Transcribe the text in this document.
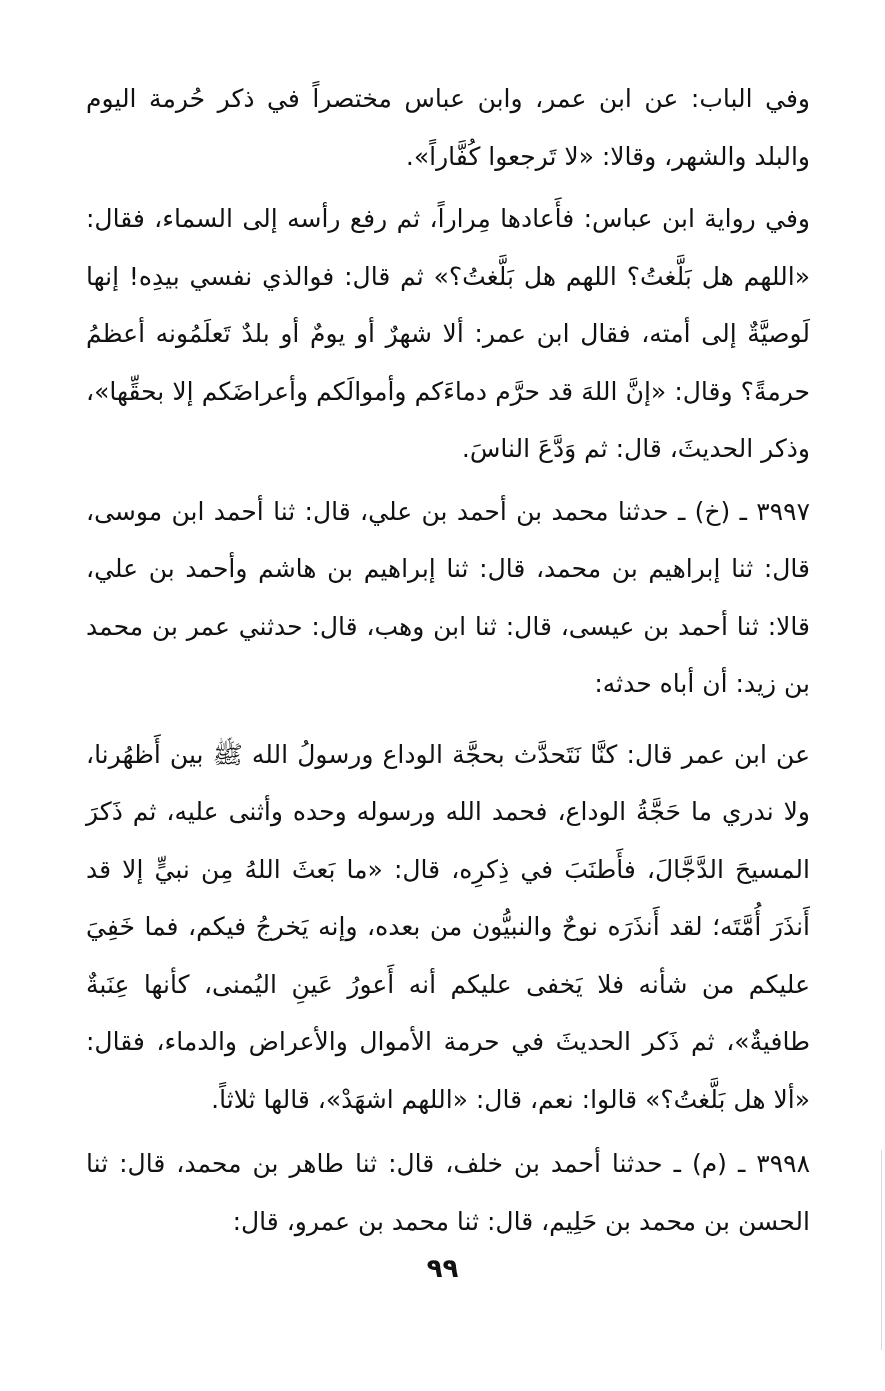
وفي الباب: عن ابن عمر، وابن عباس مختصراً في ذكر حُرمة اليوم والبلد والشهر، وقالا: «لا تَرجعوا كُفَّاراً».

وفي رواية ابن عباس: فأَعادها مِراراً، ثم رفع رأسه إلى السماء، فقال: «اللهم هل بَلَّغتُ؟ اللهم هل بَلَّغتُ؟» ثم قال: فوالذي نفسي بيدِه! إنها لَوصيَّةٌ إلى أمته، فقال ابن عمر: ألا شهرٌ أو يومٌ أو بلدٌ تَعلَمُونه أعظمُ حرمةً؟ وقال: «إنَّ اللهَ قد حرَّم دماءَكم وأموالَكم وأعراضَكم إلا بحقِّها»، وذكر الحديثَ، قال: ثم وَدَّعَ الناسَ.

٣٩٩٧ ـ (خ) ـ حدثنا محمد بن أحمد بن علي، قال: ثنا أحمد ابن موسى، قال: ثنا إبراهيم بن محمد، قال: ثنا إبراهيم بن هاشم وأحمد بن علي، قالا: ثنا أحمد بن عيسى، قال: ثنا ابن وهب، قال: حدثني عمر بن محمد بن زيد: أن أباه حدثه:

عن ابن عمر قال: كنَّا نَتَحدَّث بحجَّة الوداع ورسولُ الله ﷺ بين أَظهُرنا، ولا ندري ما حَجَّةُ الوداع، فحمد الله ورسوله وحده وأثنى عليه، ثم ذَكرَ المسيحَ الدَّجَّالَ، فأَطنَبَ في ذِكرِه، قال: «ما بَعثَ اللهُ مِن نبيٍّ إلا قد أَنذَرَ أُمَّتَه؛ لقد أَنذَرَه نوحٌ والنبيُّون من بعده، وإنه يَخرجُ فيكم، فما خَفِيَ عليكم من شأنه فلا يَخفى عليكم أنه أَعورُ عَينِ اليُمنى، كأنها عِنَبةٌ طافيةٌ»، ثم ذَكر الحديثَ في حرمة الأموال والأعراض والدماء، فقال: «ألا هل بَلَّغتُ؟» قالوا: نعم، قال: «اللهم اشهَدْ»، قالها ثلاثاً.

٣٩٩٨ ـ (م) ـ حدثنا أحمد بن خلف، قال: ثنا طاهر بن محمد، قال: ثنا الحسن بن محمد بن حَلِيم، قال: ثنا محمد بن عمرو، قال:

٩٩
